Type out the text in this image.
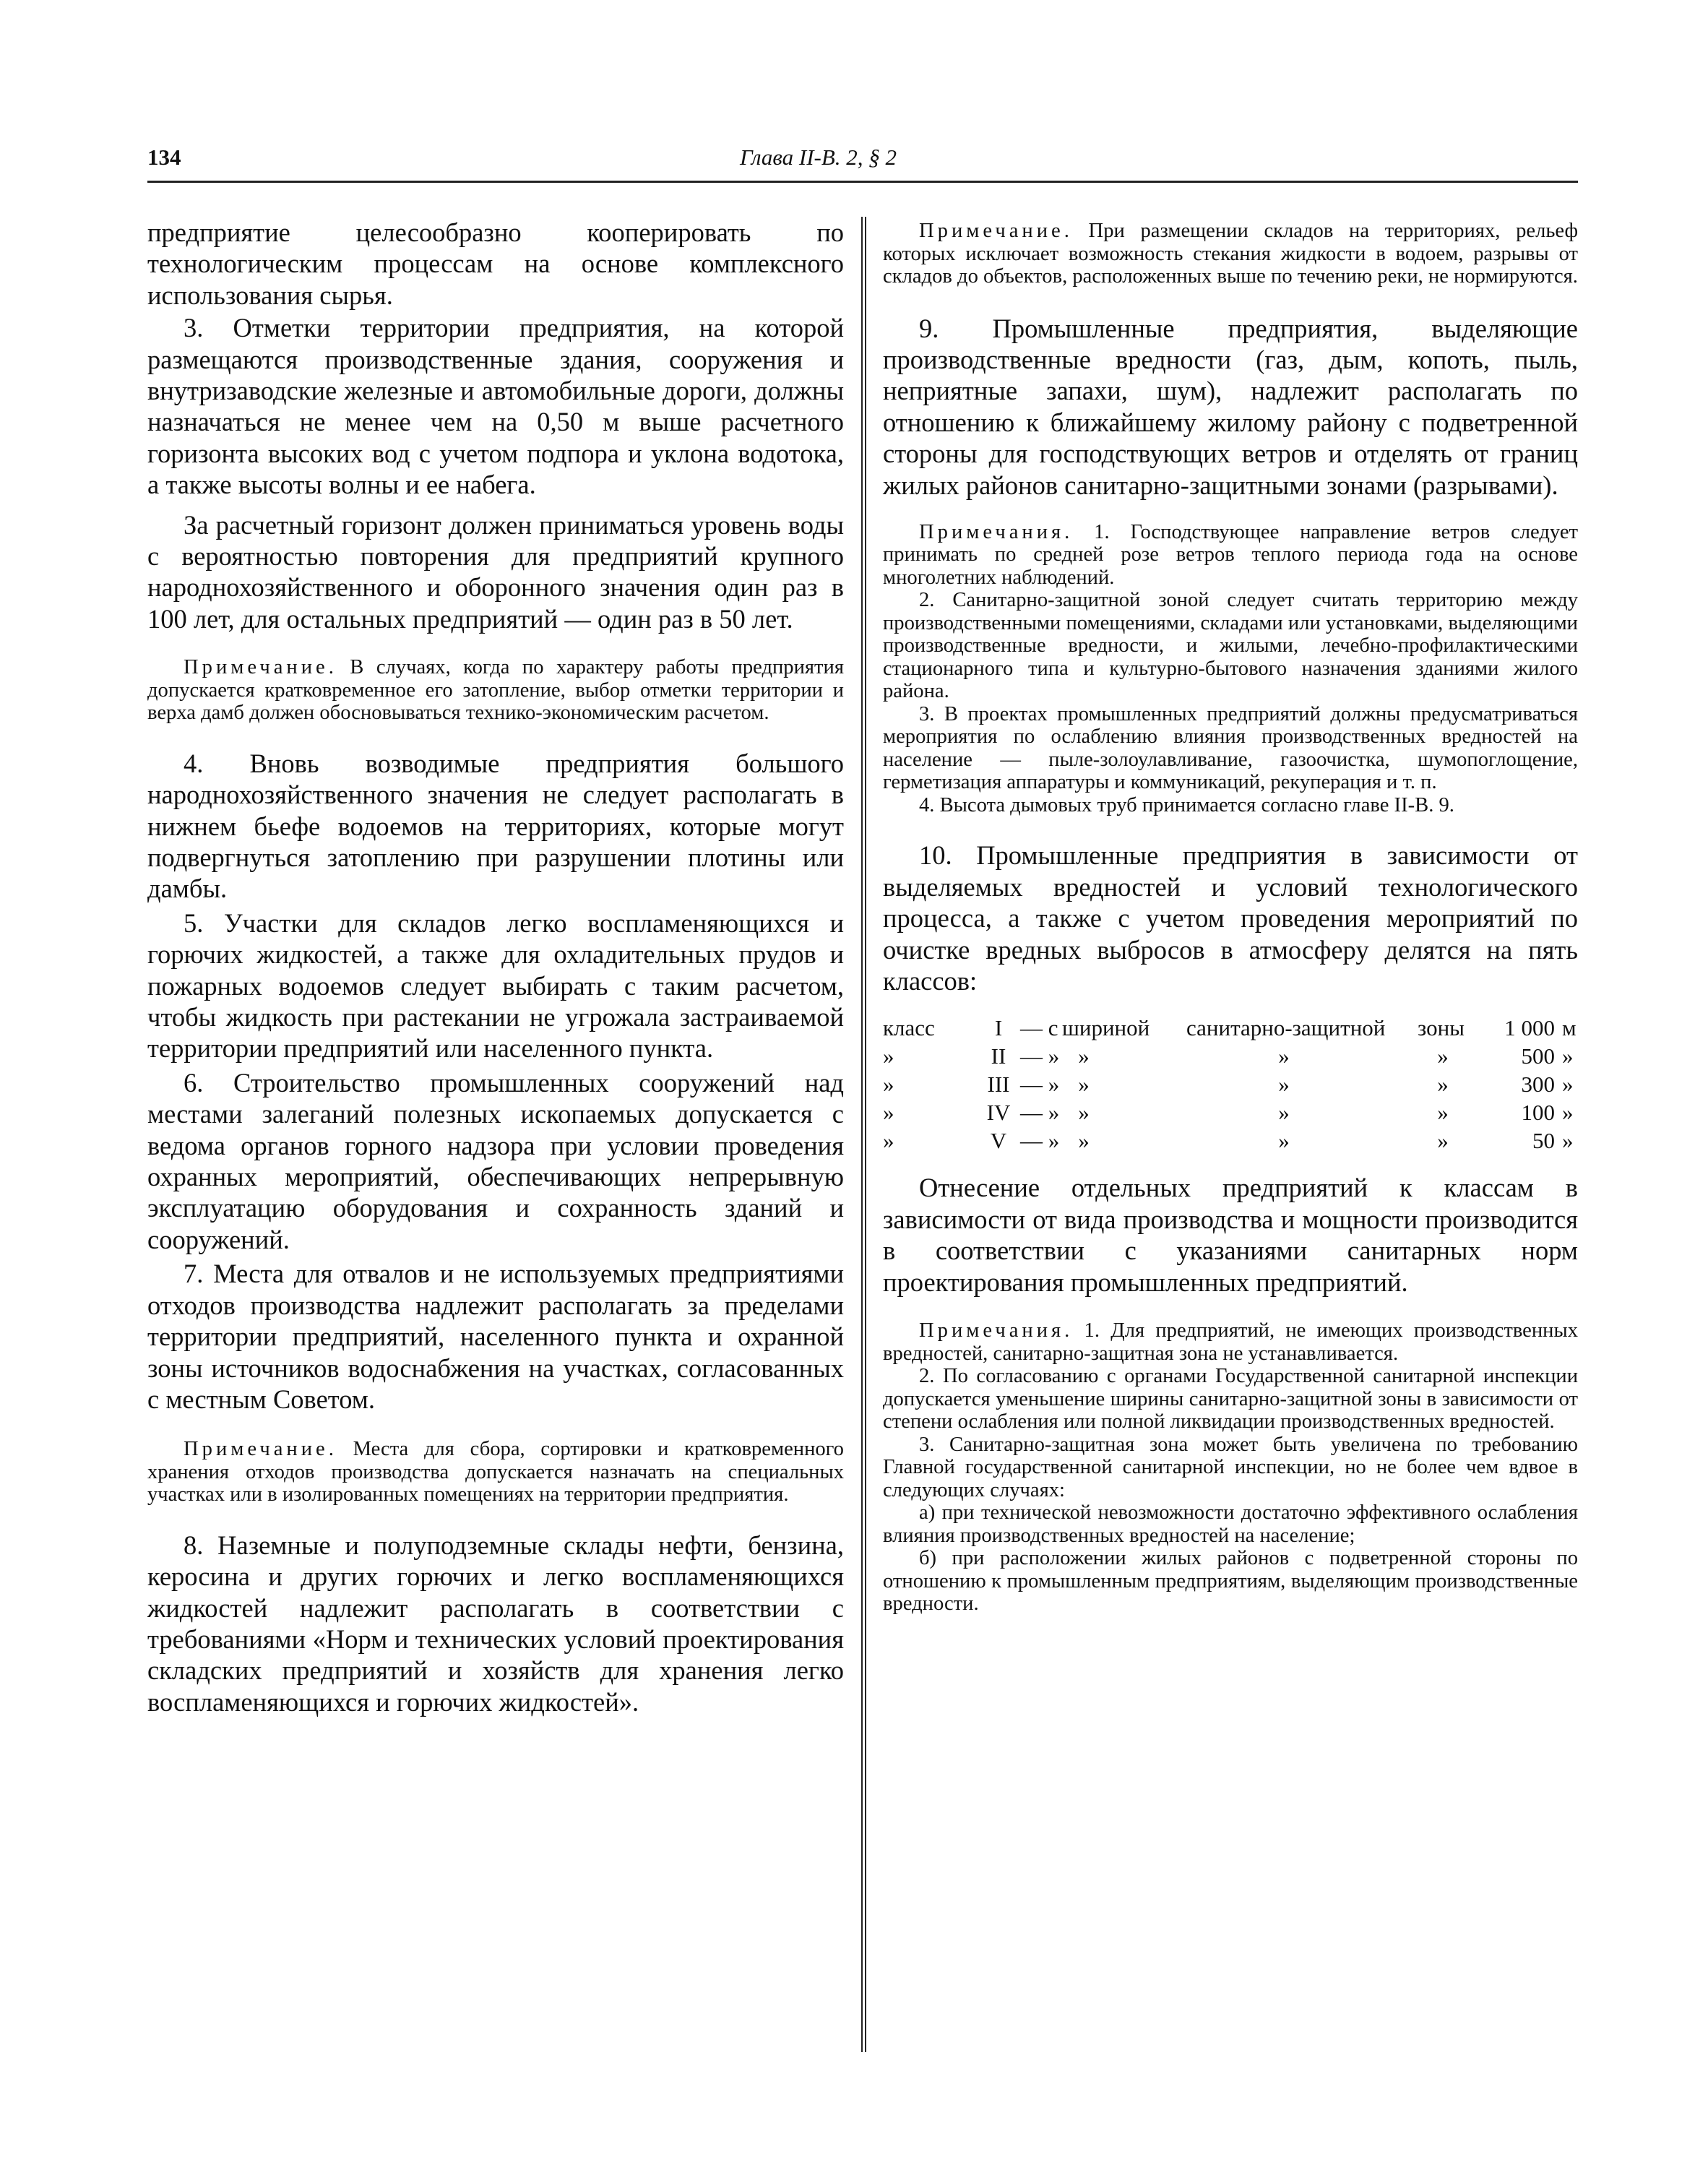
134	Глава II-B. 2, § 2

предприятие целесообразно кооперировать по технологическим процессам на основе комплексного использования сырья.

3. Отметки территории предприятия, на которой размещаются производственные здания, сооружения и внутризаводские железные и автомобильные дороги, должны назначаться не менее чем на 0,50 м выше расчетного горизонта высоких вод с учетом подпора и уклона водотока, а также высоты волны и ее набега.

За расчетный горизонт должен приниматься уровень воды с вероятностью повторения для предприятий крупного народнохозяйственного и оборонного значения один раз в 100 лет, для остальных предприятий — один раз в 50 лет.

Примечание. В случаях, когда по характеру работы предприятия допускается кратковременное его затопление, выбор отметки территории и верха дамб должен обосновываться технико-экономическим расчетом.

4. Вновь возводимые предприятия большого народнохозяйственного значения не следует располагать в нижнем бьефе водоемов на территориях, которые могут подвергнуться затоплению при разрушении плотины или дамбы.

5. Участки для складов легко воспламеняющихся и горючих жидкостей, а также для охладительных прудов и пожарных водоемов следует выбирать с таким расчетом, чтобы жидкость при растекании не угрожала застраиваемой территории предприятий или населенного пункта.

6. Строительство промышленных сооружений над местами залеганий полезных ископаемых допускается с ведома органов горного надзора при условии проведения охранных мероприятий, обеспечивающих непрерывную эксплуатацию оборудования и сохранность зданий и сооружений.

7. Места для отвалов и не используемых предприятиями отходов производства надлежит располагать за пределами территории предприятий, населенного пункта и охранной зоны источников водоснабжения на участках, согласованных с местным Советом.

Примечание. Места для сбора, сортировки и кратковременного хранения отходов производства допускается назначать на специальных участках или в изолированных помещениях на территории предприятия.

8. Наземные и полуподземные склады нефти, бензина, керосина и других горючих и легко воспламеняющихся жидкостей надлежит располагать в соответствии с требованиями «Норм и технических условий проектирования складских предприятий и хозяйств для хранения легко воспламеняющихся и горючих жидкостей».

Примечание. При размещении складов на территориях, рельеф которых исключает возможность стекания жидкости в водоем, разрывы от складов до объектов, расположенных выше по течению реки, не нормируются.

9. Промышленные предприятия, выделяющие производственные вредности (газ, дым, копоть, пыль, неприятные запахи, шум), надлежит располагать по отношению к ближайшему жилому району с подветренной стороны для господствующих ветров и отделять от границ жилых районов санитарно-защитными зонами (разрывами).

Примечания. 1. Господствующее направление ветров следует принимать по средней розе ветров теплого периода года на основе многолетних наблюдений.

2. Санитарно-защитной зоной следует считать территорию между производственными помещениями, складами или установками, выделяющими производственные вредности, и жилыми, лечебно-профилактическими стационарного типа и культурно-бытового назначения зданиями жилого района.

3. В проектах промышленных предприятий должны предусматриваться мероприятия по ослаблению влияния производственных вредностей на население — пыле-золоулавливание, газоочистка, шумопоглощение, герметизация аппаратуры и коммуникаций, рекуперация и т. п.

4. Высота дымовых труб принимается согласно главе II-B. 9.

10. Промышленные предприятия в зависимости от выделяемых вредностей и условий технологического процесса, а также с учетом проведения мероприятий по очистке вредных выбросов в атмосферу делятся на пять классов:

класс	I — с шириной санитарно-защитной зоны	1 000 м
»	II — » »	»	»	500 »
»	III — » »	»	»	300 »
»	IV — » »	»	»	100 »
»	V — » »	»	»	50 »

Отнесение отдельных предприятий к классам в зависимости от вида производства и мощности производится в соответствии с указаниями санитарных норм проектирования промышленных предприятий.

Примечания. 1. Для предприятий, не имеющих производственных вредностей, санитарно-защитная зона не устанавливается.

2. По согласованию с органами Государственной санитарной инспекции допускается уменьшение ширины санитарно-защитной зоны в зависимости от степени ослабления или полной ликвидации производственных вредностей.

3. Санитарно-защитная зона может быть увеличена по требованию Главной государственной санитарной инспекции, но не более чем вдвое в следующих случаях:

а) при технической невозможности достаточно эффективного ослабления влияния производственных вредностей на население;

б) при расположении жилых районов с подветренной стороны по отношению к промышленным предприятиям, выделяющим производственные вредности.
